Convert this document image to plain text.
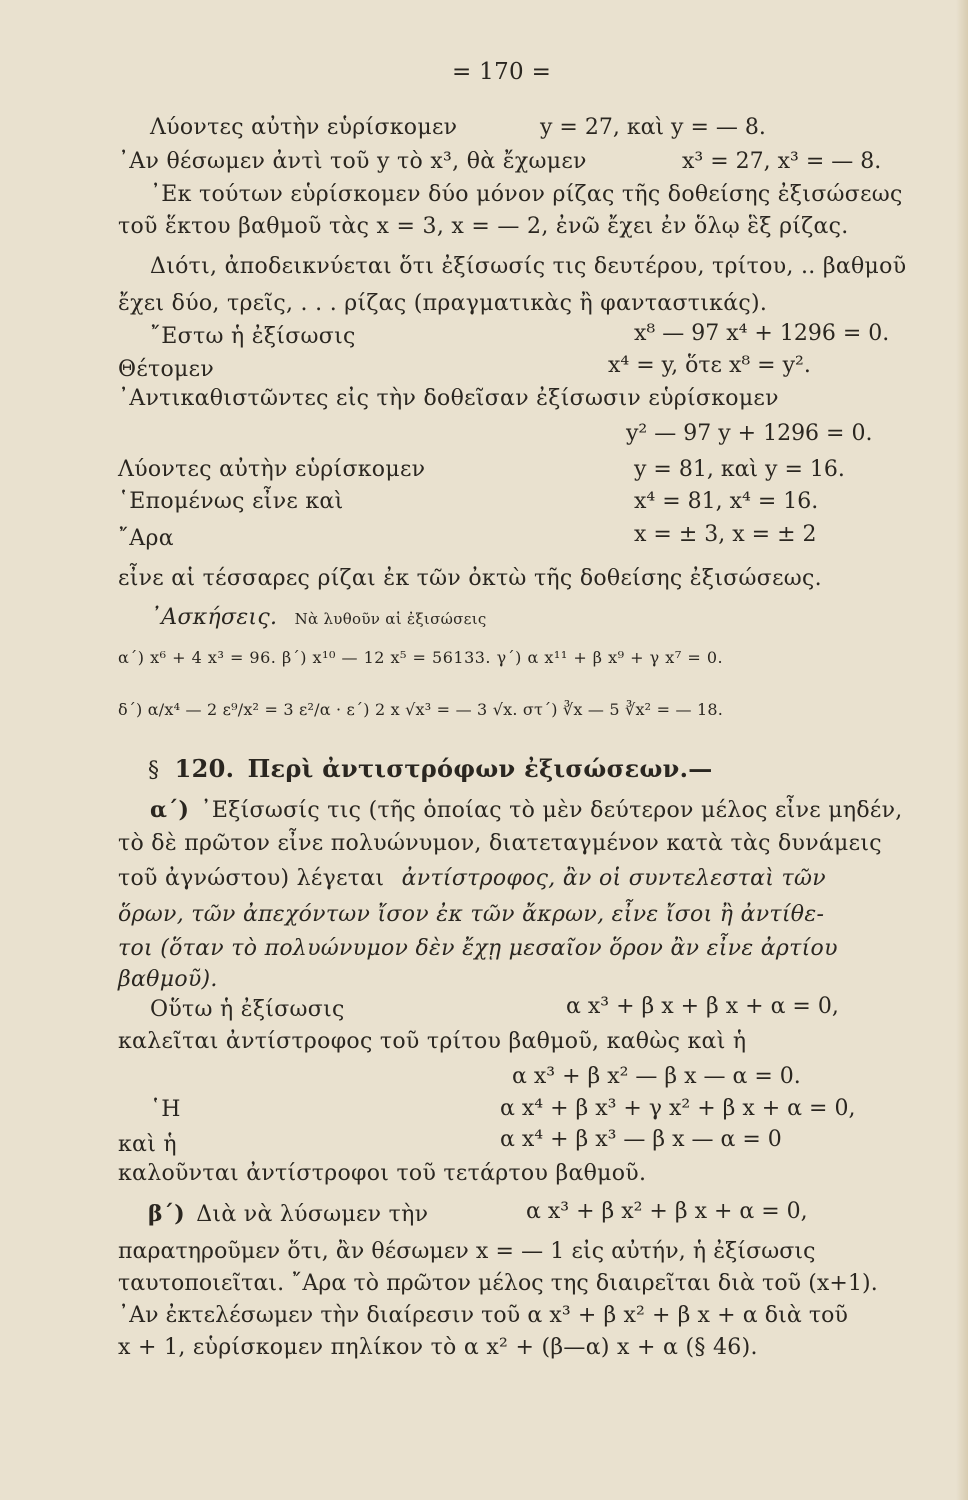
= 170 =
Λύοντες αὐτὴν εὑρίσκομεν	y = 27, καὶ y = — 8.
᾿Αν θέσωμεν ἀντὶ τοῦ y τὸ x³, θὰ ἔχωμεν	x³ = 27, x³ = — 8.
᾿Εκ τούτων εὑρίσκομεν δύο μόνον ρίζας τῆς δοθείσης ἐξισώσεως
τοῦ ἕκτου βαθμοῦ τὰς x = 3, x = — 2, ἐνῶ ἔχει ἐν ὅλῳ ἓξ ρίζας.
Διότι, ἀποδεικνύεται ὅτι ἐξίσωσίς τις δευτέρου, τρίτου, .. βαθμοῦ
ἔχει δύο, τρεῖς, . . . ρίζας (πραγματικὰς ἢ φανταστικάς).
῎Εστω ἡ ἐξίσωσις	x⁸ — 97 x⁴ + 1296 = 0.
Θέτομεν	x⁴ = y, ὅτε x⁸ = y².
᾿Αντικαθιστῶντες εἰς τὴν δοθεῖσαν ἐξίσωσιν εὑρίσκομεν
y² — 97 y + 1296 = 0.
Λύοντες αὐτὴν εὑρίσκομεν	y = 81, καὶ y = 16.
῾Επομένως εἶνε καὶ	x⁴ = 81, x⁴ = 16.
῎Αρα	x = ± 3, x = ± 2
εἶνε αἱ τέσσαρες ρίζαι ἐκ τῶν ὀκτὼ τῆς δοθείσης ἐξισώσεως.
᾿Ασκήσεις. Νὰ λυθοῦν αἱ ἐξισώσεις
α΄) x⁶ + 4 x³ = 96. β΄) x¹⁰ — 12 x⁵ = 56133. γ΄) α x¹¹ + β x⁹ + γ x⁷ = 0.
δ΄) α/x⁴ — 2 ε⁹/x² = 3 ε²/α · ε΄) 2 x √x³ = — 3 √x. στ΄) ∛x — 5 ∛x² = — 18.
§ 120. Περὶ ἀντιστρόφων ἐξισώσεων.—
α΄) ᾿Εξίσωσίς τις (τῆς ὁποίας τὸ μὲν δεύτερον μέλος εἶνε μηδέν,
τὸ δὲ πρῶτον εἶνε πολυώνυμον, διατεταγμένον κατὰ τὰς δυνάμεις
τοῦ ἀγνώστου) λέγεται ἀντίστροφος, ἂν οἱ συντελεσταὶ τῶν
ὅρων, τῶν ἀπεχόντων ἴσον ἐκ τῶν ἄκρων, εἶνε ἴσοι ἢ ἀντίθε-
τοι (ὅταν τὸ πολυώνυμον δὲν ἔχῃ μεσαῖον ὅρον ἂν εἶνε ἀρτίου
βαθμοῦ).
Οὕτω ἡ ἐξίσωσις	α x³ + β x + β x + α = 0,
καλεῖται ἀντίστροφος τοῦ τρίτου βαθμοῦ, καθὼς καὶ ἡ
α x³ + β x² — β x — α = 0.
῾Η	α x⁴ + β x³ + γ x² + β x + α = 0,
καὶ ἡ	α x⁴ + β x³ — β x — α = 0
καλοῦνται ἀντίστροφοι τοῦ τετάρτου βαθμοῦ.
β΄) Διὰ νὰ λύσωμεν τὴν	α x³ + β x² + β x + α = 0,
παρατηροῦμεν ὅτι, ἂν θέσωμεν x = — 1 εἰς αὐτήν, ἡ ἐξίσωσις
ταυτοποιεῖται. ῎Αρα τὸ πρῶτον μέλος της διαιρεῖται διὰ τοῦ (x+1).
᾿Αν ἐκτελέσωμεν τὴν διαίρεσιν τοῦ α x³ + β x² + β x + α διὰ τοῦ
x + 1, εὑρίσκομεν πηλίκον τὸ α x² + (β—α) x + α (§ 46).
